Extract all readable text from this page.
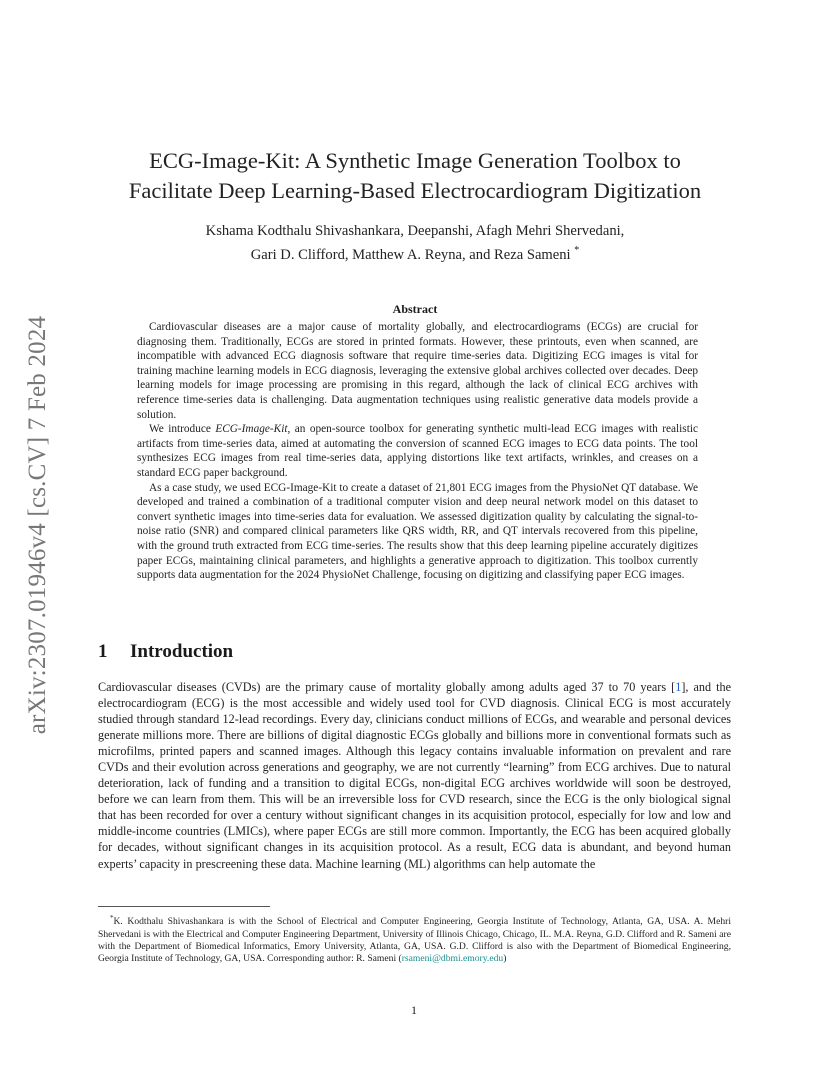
arXiv:2307.01946v4 [cs.CV] 7 Feb 2024
ECG-Image-Kit: A Synthetic Image Generation Toolbox to
Facilitate Deep Learning-Based Electrocardiogram Digitization
Kshama Kodthalu Shivashankara, Deepanshi, Afagh Mehri Shervedani,
Gari D. Clifford, Matthew A. Reyna, and Reza Sameni *
Abstract

Cardiovascular diseases are a major cause of mortality globally, and electrocardiograms (ECGs) are crucial for diagnosing them. Traditionally, ECGs are stored in printed formats. However, these printouts, even when scanned, are incompatible with advanced ECG diagnosis software that require time-series data. Digitizing ECG images is vital for training machine learning models in ECG diagnosis, leveraging the extensive global archives collected over decades. Deep learning models for image processing are promising in this regard, although the lack of clinical ECG archives with reference time-series data is challenging. Data augmentation techniques using realistic generative data models provide a solution.

We introduce ECG-Image-Kit, an open-source toolbox for generating synthetic multi-lead ECG images with realistic artifacts from time-series data, aimed at automating the conversion of scanned ECG images to ECG data points. The tool synthesizes ECG images from real time-series data, applying distortions like text artifacts, wrinkles, and creases on a standard ECG paper background.

As a case study, we used ECG-Image-Kit to create a dataset of 21,801 ECG images from the PhysioNet QT database. We developed and trained a combination of a traditional computer vision and deep neural network model on this dataset to convert synthetic images into time-series data for evaluation. We assessed digitization quality by calculating the signal-to-noise ratio (SNR) and compared clinical parameters like QRS width, RR, and QT intervals recovered from this pipeline, with the ground truth extracted from ECG time-series. The results show that this deep learning pipeline accurately digitizes paper ECGs, maintaining clinical parameters, and highlights a generative approach to digitization. This toolbox currently supports data augmentation for the 2024 PhysioNet Challenge, focusing on digitizing and classifying paper ECG images.

1 Introduction

Cardiovascular diseases (CVDs) are the primary cause of mortality globally among adults aged 37 to 70 years [1], and the electrocardiogram (ECG) is the most accessible and widely used tool for CVD diagnosis. Clinical ECG is most accurately studied through standard 12-lead recordings. Every day, clinicians conduct millions of ECGs, and wearable and personal devices generate millions more. There are billions of digital diagnostic ECGs globally and billions more in conventional formats such as microfilms, printed papers and scanned images. Although this legacy contains invaluable information on prevalent and rare CVDs and their evolution across generations and geography, we are not currently “learning” from ECG archives. Due to natural deterioration, lack of funding and a transition to digital ECGs, non-digital ECG archives worldwide will soon be destroyed, before we can learn from them. This will be an irreversible loss for CVD research, since the ECG is the only biological signal that has been recorded for over a century without significant changes in its acquisition protocol, especially for low and low and middle-income countries (LMICs), where paper ECGs are still more common. Importantly, the ECG has been acquired globally for decades, without significant changes in its acquisition protocol. As a result, ECG data is abundant, and beyond human experts’ capacity in prescreening these data. Machine learning (ML) algorithms can help automate the

*K. Kodthalu Shivashankara is with the School of Electrical and Computer Engineering, Georgia Institute of Technology, Atlanta, GA, USA. A. Mehri Shervedani is with the Electrical and Computer Engineering Department, University of Illinois Chicago, Chicago, IL. M.A. Reyna, G.D. Clifford and R. Sameni are with the Department of Biomedical Informatics, Emory University, Atlanta, GA, USA. G.D. Clifford is also with the Department of Biomedical Engineering, Georgia Institute of Technology, GA, USA. Corresponding author: R. Sameni (rsameni@dbmi.emory.edu)

1
